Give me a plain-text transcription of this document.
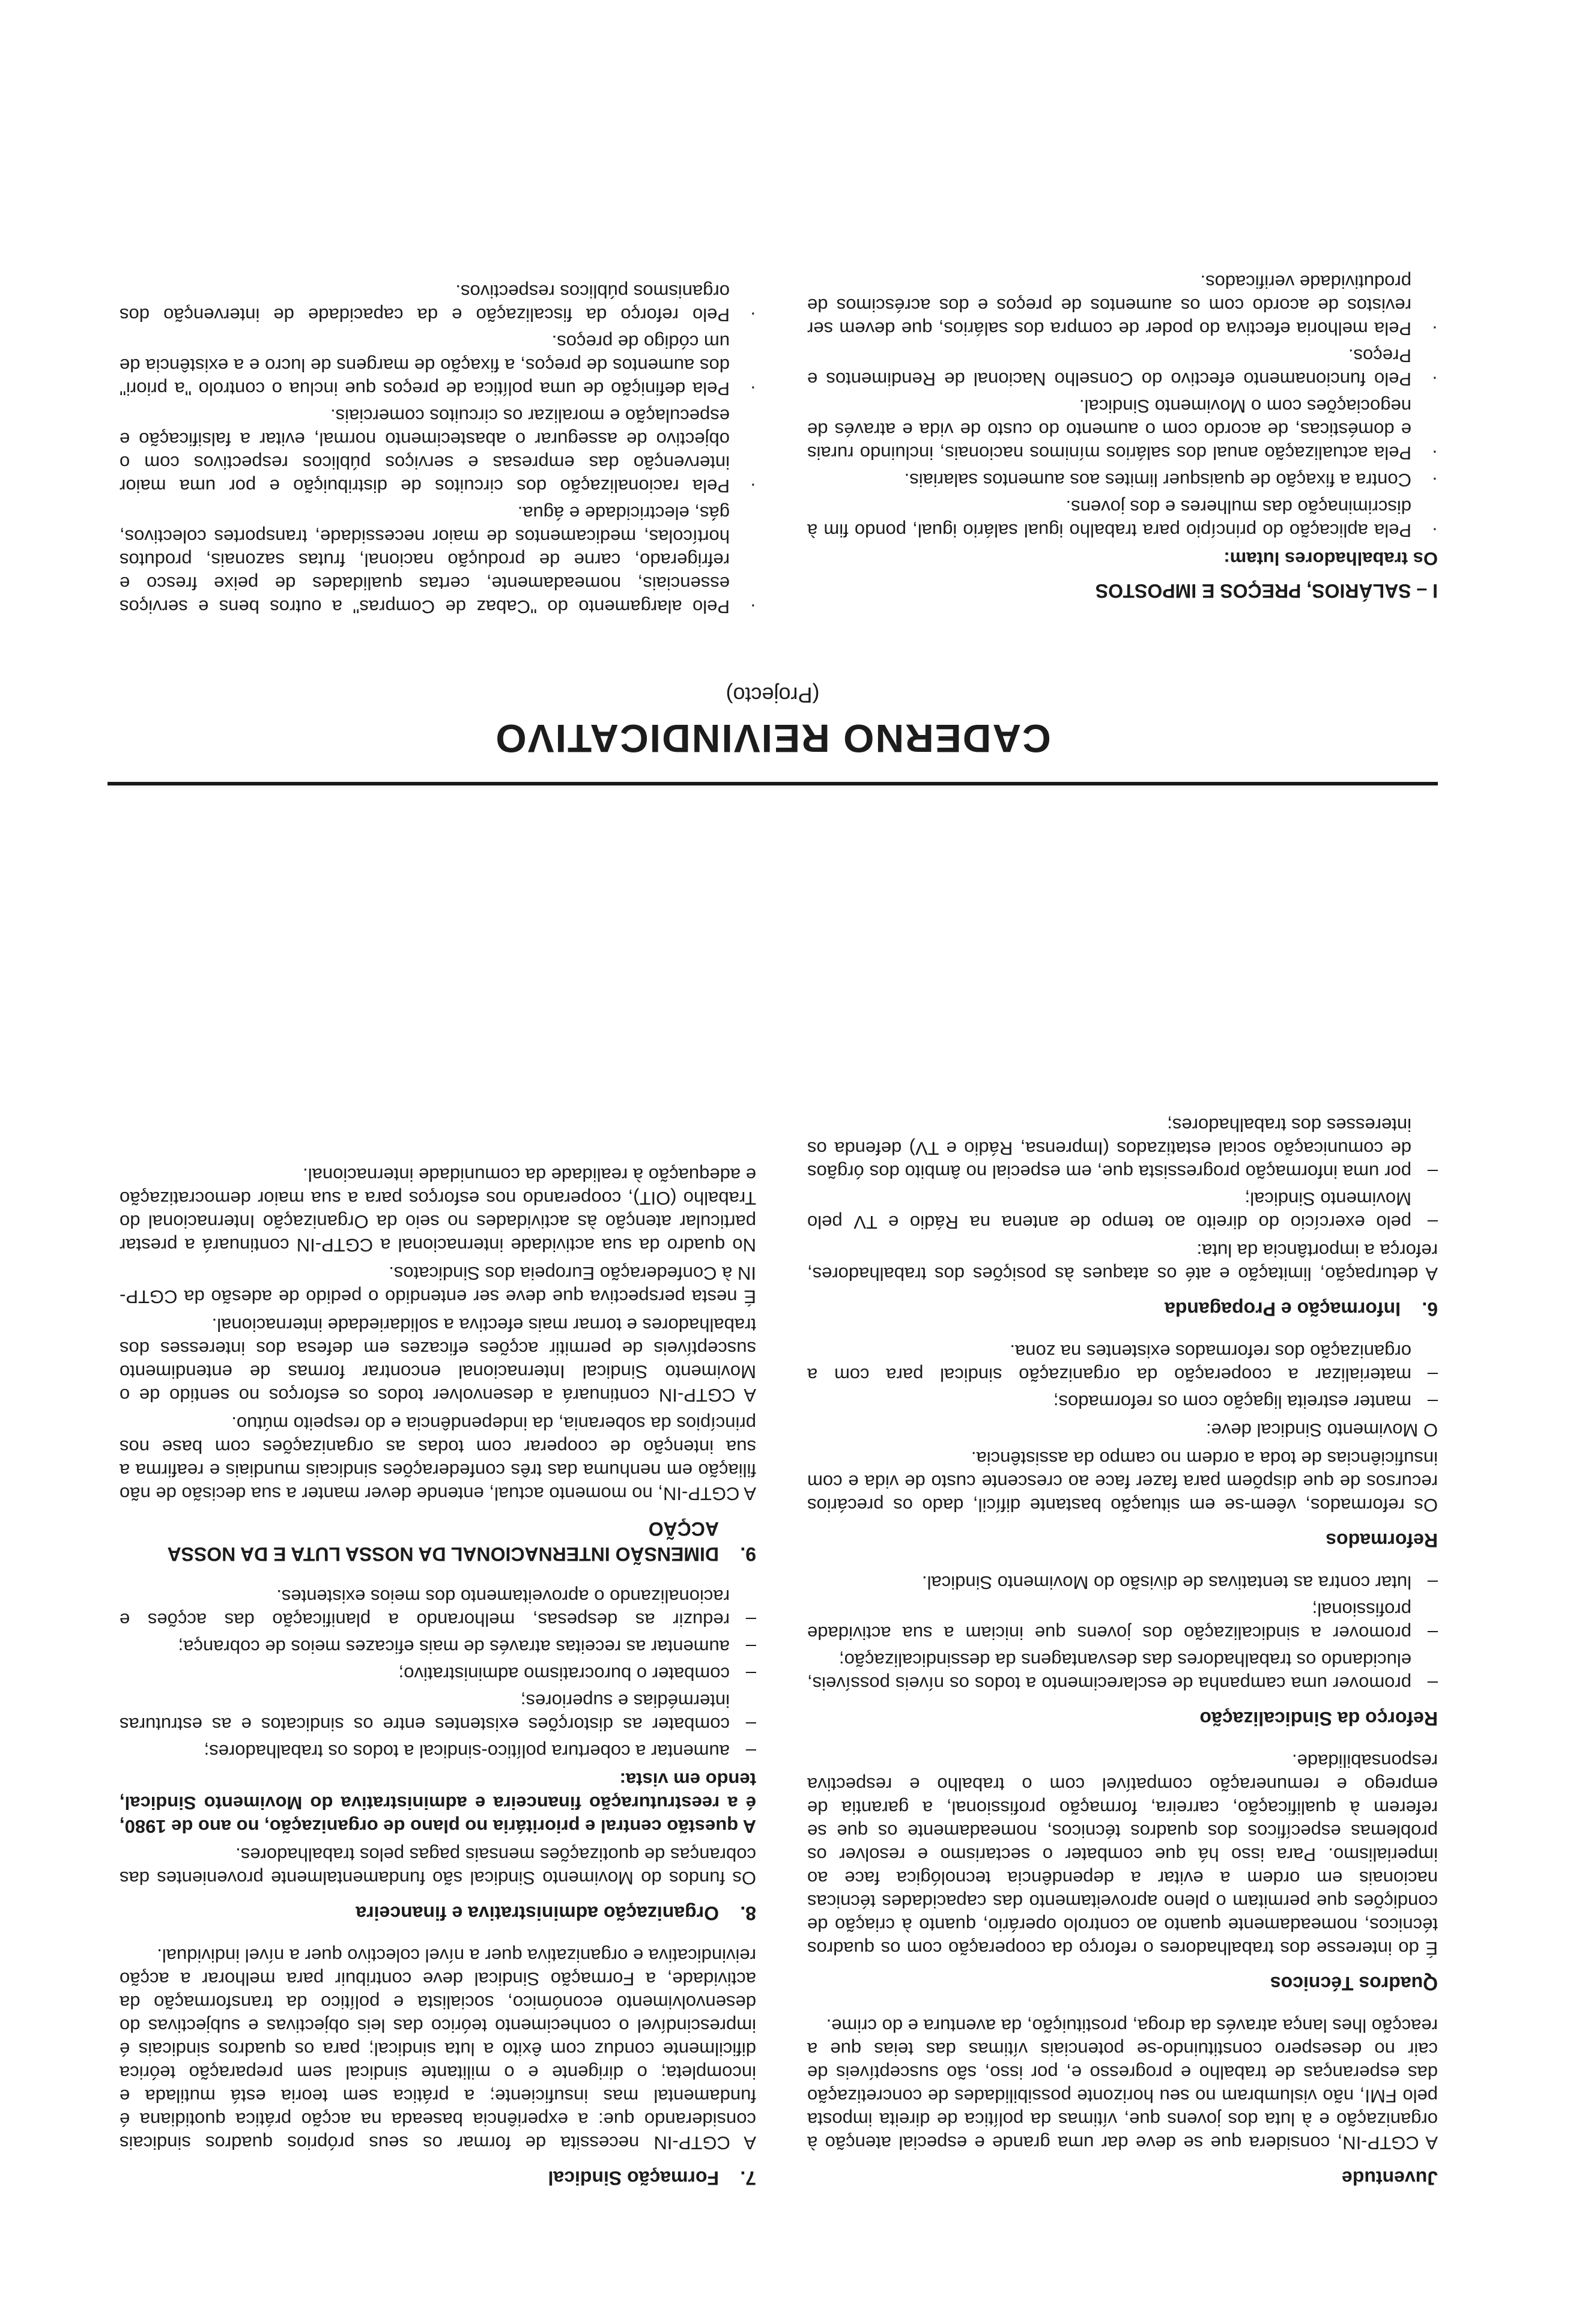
Juventude

A CGTP-IN, considera que se deve dar uma grande e especial atenção à organização e à luta dos jovens que, vítimas da política de direita imposta pelo FMI, não vislumbram no seu horizonte possibilidades de concretização das esperanças de trabalho e progresso e, por isso, são susceptíveis de cair no desespero constituindo-se potenciais vítimas das teias que a reacção lhes lança através da droga, prostituição, da aventura e do crime.

Quadros Técnicos

É do interesse dos trabalhadores o reforço da cooperação com os quadros técnicos, nomeadamente quanto ao controlo operário, quanto à criação de condições que permitam o pleno aproveitamento das capacidades técnicas nacionais em ordem a evitar a dependência tecnológica face ao imperialismo. Para isso há que combater o sectarismo e resolver os problemas específicos dos quadros técnicos, nomeadamente os que se referem à qualificação, carreira, formação profissional, a garantia de emprego e remuneração compatível com o trabalho e respectiva responsabilidade.

Reforço da Sindicalização
–
promover uma campanha de esclarecimento a todos os níveis possíveis, elucidando os trabalhadores das desvantagens da dessindicalização;
–
promover a sindicalização dos jovens que iniciam a sua actividade profissional;
–
lutar contra as tentativas de divisão do Movimento Sindical.
Reformados

Os reformados, vêem-se em situação bastante difícil, dado os precários recursos de que dispõem para fazer face ao crescente custo de vida e com insuficiências de toda a ordem no campo da assistência.

O Movimento Sindical deve:

–
manter estreita ligação com os reformados;
–
materializar a cooperação da organização sindical para com a organização dos reformados existentes na zona.
6.Informação e Propaganda

A deturpação, limitação e até os ataques às posições dos trabalhadores, reforça a importância da luta:

–
pelo exercício do direito ao tempo de antena na Rádio e TV pelo Movimento Sindical;
–
por uma informação progressista que, em especial no âmbito dos órgãos de comunicação social estatizados (Imprensa, Rádio e TV) defenda os interesses dos trabalhadores;
7.Formação Sindical

A CGTP-IN necessita de formar os seus próprios quadros sindicais considerando que: a experiência baseada na acção prática quotidiana é fundamental mas insuficiente; a prática sem teoria está mutilada e incompleta; o dirigente e o militante sindical sem preparação teórica dificilmente conduz com êxito a luta sindical; para os quadros sindicais é imprescindível o conhecimento teórico das leis objectivas e subjectivas do desenvolvimento económico, socialista e político da transformação da actividade, a Formação Sindical deve contribuir para melhorar a acção reivindicativa e organizativa quer a nível colectivo quer a nível individual.

8.Organização administrativa e financeira

Os fundos do Movimento Sindical são fundamentalmente provenientes das cobranças de quotizações mensais pagas pelos trabalhadores.

A questão central e prioritária no plano de organização, no ano de 1980, é a reestruturação financeira e administrativa do Movimento Sindical, tendo em vista:

–
aumentar a cobertura político-sindical a todos os trabalhadores;
–
combater as distorções existentes entre os sindicatos e as estruturas intermédias e superiores;
–
combater o burocratismo administrativo;
–
aumentar as receitas através de mais eficazes meios de cobrança;
–
reduzir as despesas, melhorando a planificação das acções e racionalizando o aproveitamento dos meios existentes.
9.
DIMENSÃO INTERNACIONAL DA NOSSA LUTA E DA NOSSA ACÇÃO

A CGTP-IN, no momento actual, entende dever manter a sua decisão de não filiação em nenhuma das três confederações sindicais mundiais e reafirma a sua intenção de cooperar com todas as organizações com base nos princípios da soberania, da independência e do respeito mútuo.

A CGTP-IN continuará a desenvolver todos os esforços no sentido de o Movimento Sindical Internacional encontrar formas de entendimento susceptíveis de permitir acções eficazes em defesa dos interesses dos trabalhadores e tornar mais efectiva a solidariedade internacional.

É nesta perspectiva que deve ser entendido o pedido de adesão da CGTP-IN à Confederação Europeia dos Sindicatos.

No quadro da sua actividade internacional a CGTP-IN continuará a prestar particular atenção às actividades no seio da Organização Internacional do Trabalho (OIT), cooperando nos esforços para a sua maior democratização e adequação à realidade da comunidade internacional.

CADERNO REIVINDICATIVO
(Projecto)
I – SALÁRIOS, PREÇOS E IMPOSTOS

Os trabalhadores lutam:

·
Pela aplicação do princípio para trabalho igual salário igual, pondo fim à discriminação das mulheres e dos jovens.
·
Contra a fixação de quaisquer limites aos aumentos salariais.
·
Pela actualização anual dos salários mínimos nacionais, incluindo rurais e domésticas, de acordo com o aumento do custo de vida e através de negociações com o Movimento Sindical.
·
Pelo funcionamento efectivo do Conselho Nacional de Rendimentos e Preços.
·
Pela melhoria efectiva do poder de compra dos salários, que devem ser revistos de acordo com os aumentos de preços e dos acréscimos de produtividade verificados.
·
Pelo alargamento do "Cabaz de Compras" a outros bens e serviços essenciais, nomeadamente, certas qualidades de peixe fresco e refrigerado, carne de produção nacional, frutas sazonais, produtos hortícolas, medicamentos de maior necessidade, transportes colectivos, gás, electricidade e água.
·
Pela racionalização dos circuitos de distribuição e por uma maior intervenção das empresas e serviços públicos respectivos com o objectivo de assegurar o abastecimento normal, evitar a falsificação e especulação e moralizar os circuitos comerciais.
·
Pela definição de uma política de preços que inclua o controlo "a priori" dos aumentos de preços, a fixação de margens de lucro e a existência de um código de preços.
·
Pelo reforço da fiscalização e da capacidade de intervenção dos organismos públicos respectivos.
